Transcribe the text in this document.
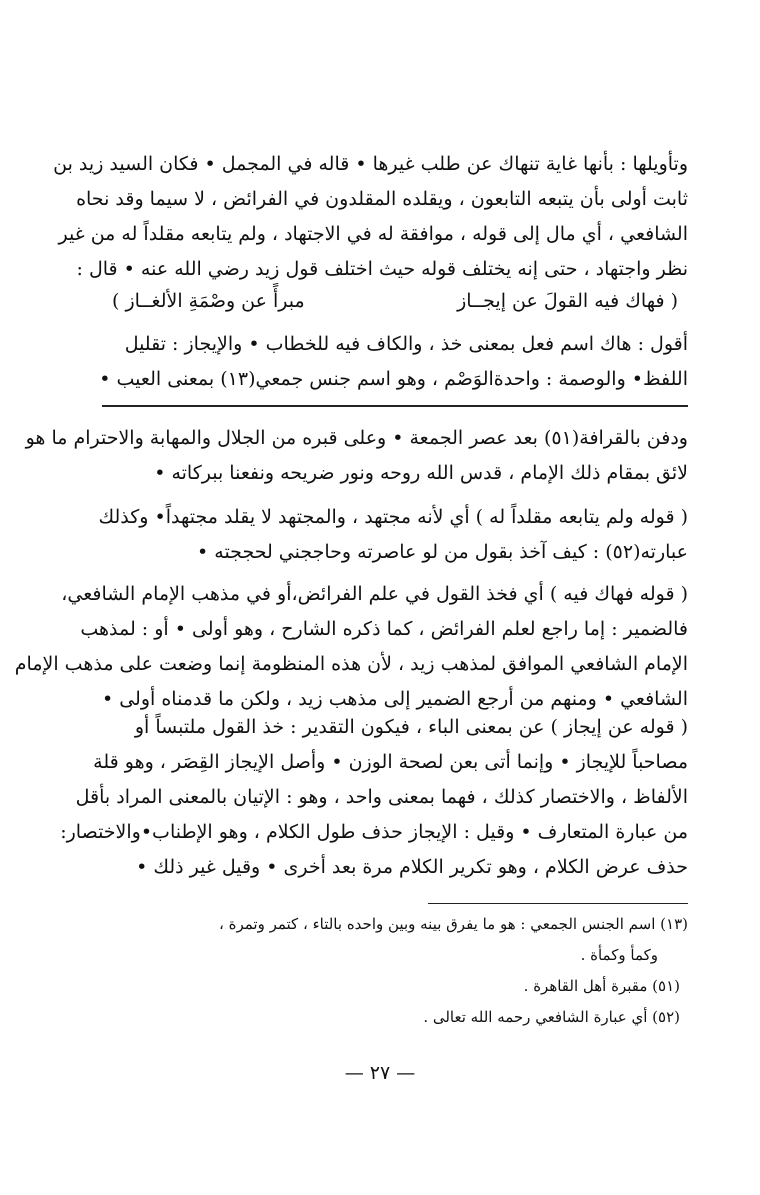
وتأويلها : بأنها غاية تنهاك عن طلب غيرها • قاله في المجمل • فكان السيد زيد بن
ثابت أولى بأن يتبعه التابعون ، ويقلده المقلدون في الفرائض ، لا سيما وقد نحاه
الشافعي ، أي مال إلى قوله ، موافقة له في الاجتهاد ، ولم يتابعه مقلداً له من غير
نظر واجتهاد ، حتى إنه يختلف قوله حيث اختلف قول زيد رضي الله عنه • قال :
( فهاك فيه القولَ عن إيجــاز
مبرأً عن وصْمَةِ الألغــاز )
أقول : هاك اسم فعل بمعنى خذ ، والكاف فيه للخطاب • والإيجاز : تقليل
اللفظ• والوصمة : واحدةالوَصْم ، وهو اسم جنس جمعي(١٣) بمعنى العيب •
ودفن بالقرافة(٥١) بعد عصر الجمعة • وعلى قبره من الجلال والمهابة والاحترام ما هو
لائق بمقام ذلك الإمام ، قدس الله روحه ونور ضريحه ونفعنا ببركاته •
( قوله ولم يتابعه مقلداً له ) أي لأنه مجتهد ، والمجتهد لا يقلد مجتهداً• وكذلك
عبارته(٥٢) : كيف آخذ بقول من لو عاصرته وحاججني لحججته •
( قوله فهاك فيه ) أي فخذ القول في علم الفرائض،أو في مذهب الإمام الشافعي،
فالضمير : إما راجع لعلم الفرائض ، كما ذكره الشارح ، وهو أولى • أو : لمذهب
الإمام الشافعي الموافق لمذهب زيد ، لأن هذه المنظومة إنما وضعت على مذهب الإمام
الشافعي • ومنهم من أرجع الضمير إلى مذهب زيد ، ولكن ما قدمناه أولى •
( قوله عن إيجاز ) عن بمعنى الباء ، فيكون التقدير : خذ القول ملتبساً أو
مصاحباً للإيجاز • وإنما أتى بعن لصحة الوزن • وأصل الإيجاز القِصَر ، وهو قلة
الألفاظ ، والاختصار كذلك ، فهما بمعنى واحد ، وهو : الإتيان بالمعنى المراد بأقل
من عبارة المتعارف • وقيل : الإيجاز حذف طول الكلام ، وهو الإطناب•والاختصار:
حذف عرض الكلام ، وهو تكرير الكلام مرة بعد أخرى • وقيل غير ذلك •
(١٣) اسم الجنس الجمعي : هو ما يفرق بينه وبين واحده بالتاء ، كتمر وتمرة ،
وكمأ وكمأة .
(٥١) مقبرة أهل القاهرة .
(٥٢) أي عبارة الشافعي رحمه الله تعالى .
— ٢٧ —
